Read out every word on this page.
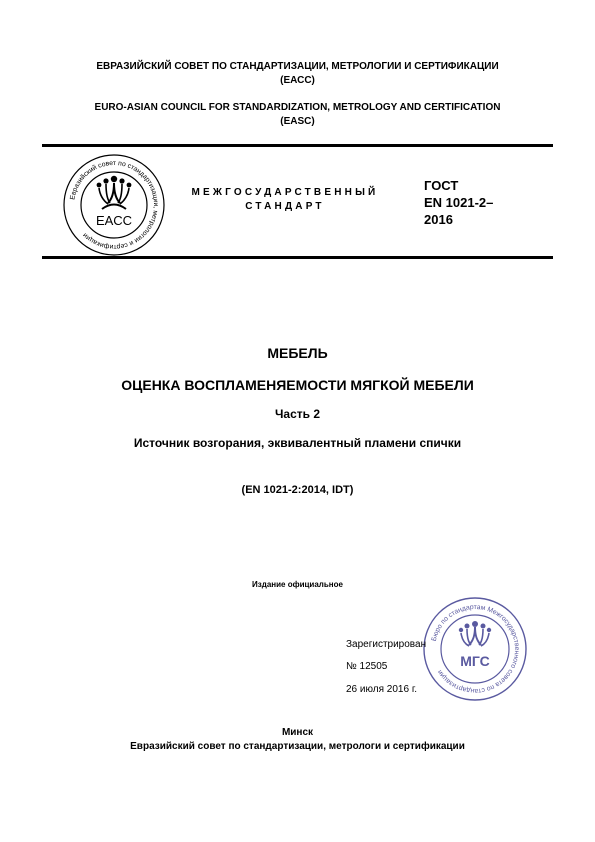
ЕВРАЗИЙСКИЙ СОВЕТ ПО СТАНДАРТИЗАЦИИ, МЕТРОЛОГИИ И СЕРТИФИКАЦИИ
(ЕАСС)
EURO-ASIAN COUNCIL FOR STANDARDIZATION, METROLOGY AND CERTIFICATION
(EASC)
Евразийский совет по стандартизации, метрологии и сертификации
EACC
МЕЖГОСУДАРСТВЕННЫЙ
СТАНДАРТ
ГОСТ
EN 1021-2–
2016
МЕБЕЛЬ
ОЦЕНКА ВОСПЛАМЕНЯЕМОСТИ МЯГКОЙ МЕБЕЛИ
Часть 2
Источник возгорания, эквивалентный пламени спички
(EN 1021-2:2014, IDT)
Издание официальное
Бюро по стандартам Межгосударственного совета по стандартизации
МГС
Зарегистрирован
№ 12505
26 июля 2016 г.
Минск
Евразийский совет по стандартизации, метрологи и сертификации
